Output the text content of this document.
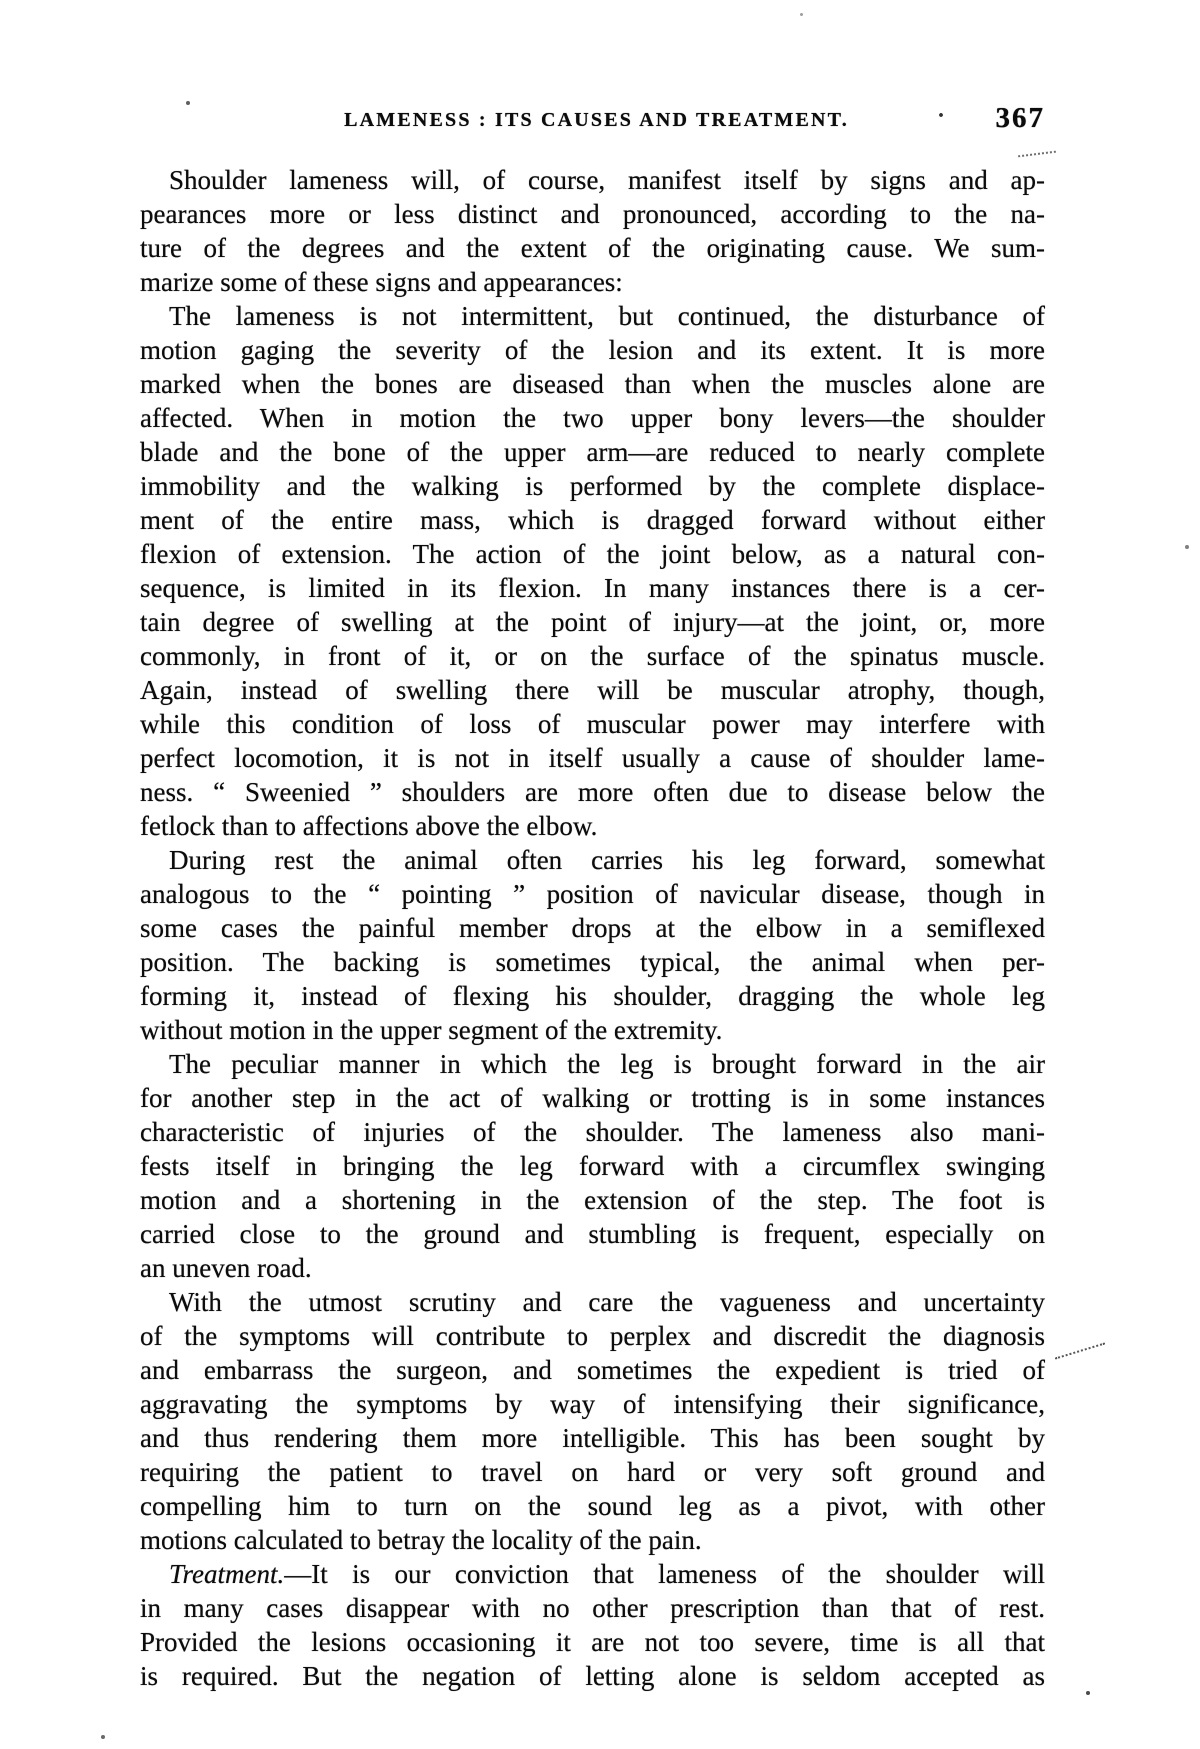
LAMENESS : ITS CAUSES AND TREATMENT.	· 367
Shoulder lameness will, of course, manifest itself by signs and ap-
pearances more or less distinct and pronounced, according to the na-
ture of the degrees and the extent of the originating cause. We sum-
marize some of these signs and appearances:
The lameness is not intermittent, but continued, the disturbance of
motion gaging the severity of the lesion and its extent. It is more
marked when the bones are diseased than when the muscles alone are
affected. When in motion the two upper bony levers—the shoulder
blade and the bone of the upper arm—are reduced to nearly complete
immobility and the walking is performed by the complete displace-
ment of the entire mass, which is dragged forward without either
flexion of extension. The action of the joint below, as a natural con-
sequence, is limited in its flexion. In many instances there is a cer-
tain degree of swelling at the point of injury—at the joint, or, more
commonly, in front of it, or on the surface of the spinatus muscle.
Again, instead of swelling there will be muscular atrophy, though,
while this condition of loss of muscular power may interfere with
perfect locomotion, it is not in itself usually a cause of shoulder lame-
ness. “ Sweenied ” shoulders are more often due to disease below the
fetlock than to affections above the elbow.
During rest the animal often carries his leg forward, somewhat
analogous to the “ pointing ” position of navicular disease, though in
some cases the painful member drops at the elbow in a semiflexed
position. The backing is sometimes typical, the animal when per-
forming it, instead of flexing his shoulder, dragging the whole leg
without motion in the upper segment of the extremity.
The peculiar manner in which the leg is brought forward in the air
for another step in the act of walking or trotting is in some instances
characteristic of injuries of the shoulder. The lameness also mani-
fests itself in bringing the leg forward with a circumflex swinging
motion and a shortening in the extension of the step. The foot is
carried close to the ground and stumbling is frequent, especially on
an uneven road.
With the utmost scrutiny and care the vagueness and uncertainty
of the symptoms will contribute to perplex and discredit the diagnosis
and embarrass the surgeon, and sometimes the expedient is tried of
aggravating the symptoms by way of intensifying their significance,
and thus rendering them more intelligible. This has been sought by
requiring the patient to travel on hard or very soft ground and
compelling him to turn on the sound leg as a pivot, with other
motions calculated to betray the locality of the pain.
Treatment.—It is our conviction that lameness of the shoulder will
in many cases disappear with no other prescription than that of rest.
Provided the lesions occasioning it are not too severe, time is all that
is required. But the negation of letting alone is seldom accepted as
